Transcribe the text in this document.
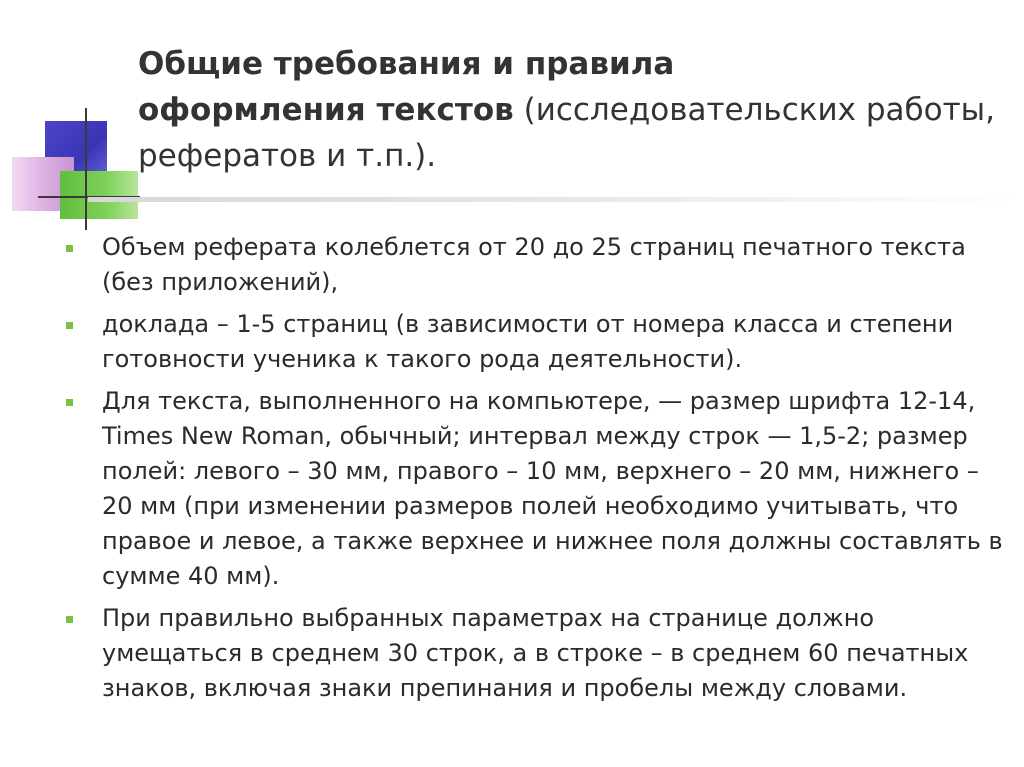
Общие требования и правила
оформления текстов (исследовательских работы, рефератов и т.п.).
Объем реферата колеблется от 20 до 25 страниц печатного текста (без приложений),
доклада – 1-5 страниц (в зависимости от номера класса и степени готовности ученика к такого рода деятельности).
Для текста, выполненного на компьютере, — размер шрифта 12-14, Times New Roman, обычный; интервал между строк — 1,5-2; размер полей: левого – 30 мм, правого – 10 мм, верхнего – 20 мм, нижнего – 20 мм (при изменении размеров полей необходимо учитывать, что правое и левое, а также верхнее и нижнее поля должны составлять в сумме 40 мм).
При правильно выбранных параметрах на странице должно умещаться в среднем 30 строк, а в строке – в среднем 60 печатных знаков, включая знаки препинания и пробелы между словами.
